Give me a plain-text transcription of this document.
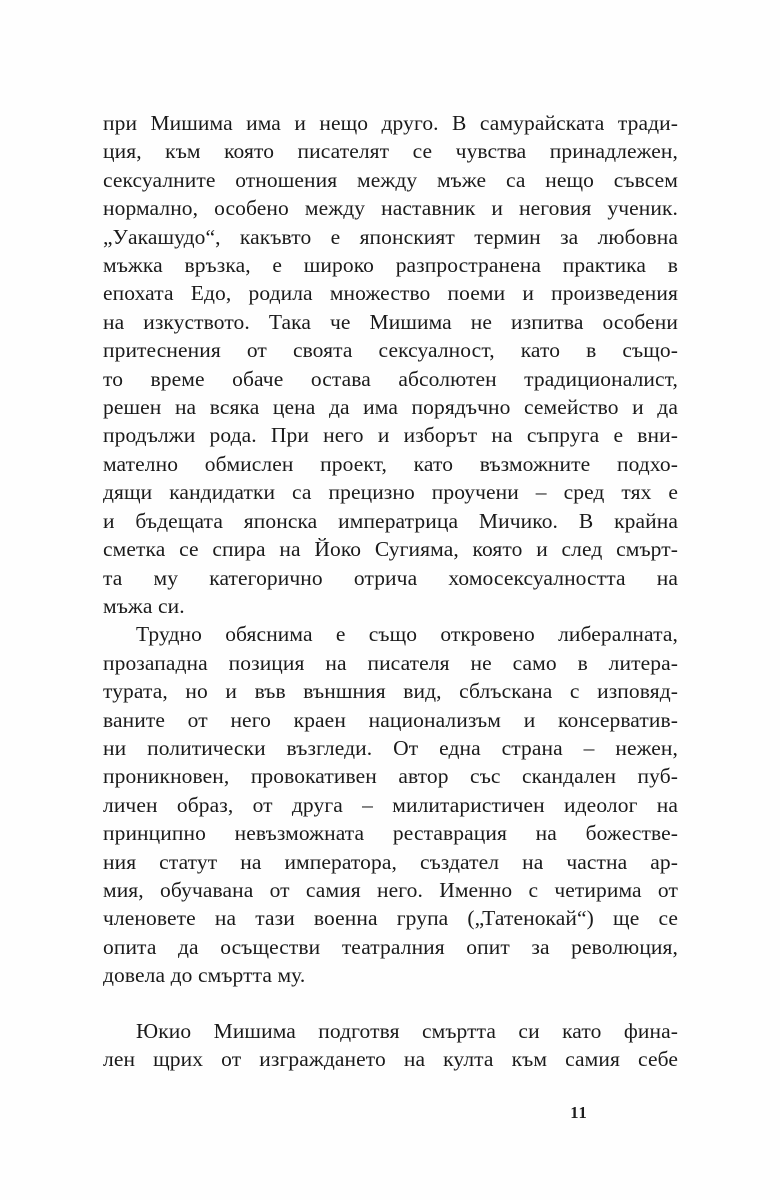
при Мишима има и нещо друго. В самурайската тради-
ция, към която писателят се чувства принадлежен,
сексуалните отношения между мъже са нещо съвсем
нормално, особено между наставник и неговия ученик.
„Уакашудо“, какъвто е японският термин за любовна
мъжка връзка, е широко разпространена практика в
епохата Едо, родила множество поеми и произведения
на изкуството. Така че Мишима не изпитва особени
притеснения от своята сексуалност, като в също-
то време обаче остава абсолютен традиционалист,
решен на всяка цена да има порядъчно семейство и да
продължи рода. При него и изборът на съпруга е вни-
мателно обмислен проект, като възможните подхо-
дящи кандидатки са прецизно проучени – сред тях е
и бъдещата японска императрица Мичико. В крайна
сметка се спира на Йоко Сугияма, която и след смърт-
та му категорично отрича хомосексуалността на
мъжа си.
Трудно обяснима е също откровено либералната,
прозападна позиция на писателя не само в литера-
турата, но и във външния вид, сблъскана с изповяд-
ваните от него краен национализъм и консерватив-
ни политически възгледи. От една страна – нежен,
проникновен, провокативен автор със скандален пуб-
личен образ, от друга – милитаристичен идеолог на
принципно невъзможната реставрация на божестве-
ния статут на императора, създател на частна ар-
мия, обучавана от самия него. Именно с четирима от
членовете на тази военна група („Татенокай“) ще се
опита да осъществи театралния опит за революция,
довела до смъртта му.
Юкио Мишима подготвя смъртта си като фина-
лен щрих от изграждането на култа към самия себе
11
